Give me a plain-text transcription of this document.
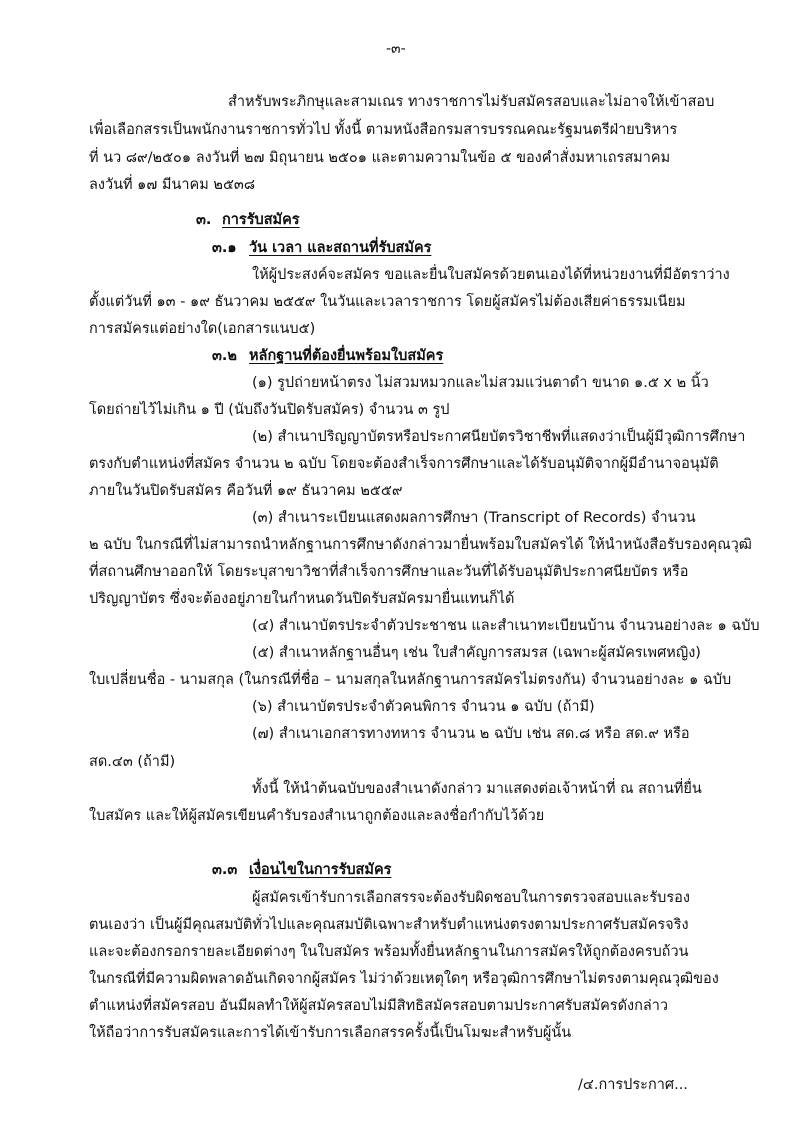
-๓-
สำหรับพระภิกษุและสามเณร ทางราชการไม่รับสมัครสอบและไม่อาจให้เข้าสอบ
เพื่อเลือกสรรเป็นพนักงานราชการทั่วไป ทั้งนี้ ตามหนังสือกรมสารบรรณคณะรัฐมนตรีฝ่ายบริหาร
ที่ นว ๘๙/๒๕๐๑ ลงวันที่ ๒๗ มิถุนายน ๒๕๐๑ และตามความในข้อ ๕ ของคำสั่งมหาเถรสมาคม
ลงวันที่ ๑๗ มีนาคม ๒๕๓๘
๓. การรับสมัคร
๓.๑ วัน เวลา และสถานที่รับสมัคร
ให้ผู้ประสงค์จะสมัคร ขอและยื่นใบสมัครด้วยตนเองได้ที่หน่วยงานที่มีอัตราว่าง
ตั้งแต่วันที่ ๑๓ - ๑๙ ธันวาคม ๒๕๕๙ ในวันและเวลาราชการ โดยผู้สมัครไม่ต้องเสียค่าธรรมเนียม
การสมัครแต่อย่างใด(เอกสารแนบ๕)
๓.๒ หลักฐานที่ต้องยื่นพร้อมใบสมัคร
(๑) รูปถ่ายหน้าตรง ไม่สวมหมวกและไม่สวมแว่นตาดำ ขนาด ๑.๕ x ๒ นิ้ว
โดยถ่ายไว้ไม่เกิน ๑ ปี (นับถึงวันปิดรับสมัคร) จำนวน ๓ รูป
(๒) สำเนาปริญญาบัตรหรือประกาศนียบัตรวิชาชีพที่แสดงว่าเป็นผู้มีวุฒิการศึกษา
ตรงกับตำแหน่งที่สมัคร จำนวน ๒ ฉบับ โดยจะต้องสำเร็จการศึกษาและได้รับอนุมัติจากผู้มีอำนาจอนุมัติ
ภายในวันปิดรับสมัคร คือวันที่ ๑๙ ธันวาคม ๒๕๕๙
(๓) สำเนาระเบียนแสดงผลการศึกษา (Transcript of Records) จำนวน
๒ ฉบับ ในกรณีที่ไม่สามารถนำหลักฐานการศึกษาดังกล่าวมายื่นพร้อมใบสมัครได้ ให้นำหนังสือรับรองคุณวุฒิ
ที่สถานศึกษาออกให้ โดยระบุสาขาวิชาที่สำเร็จการศึกษาและวันที่ได้รับอนุมัติประกาศนียบัตร หรือ
ปริญญาบัตร ซึ่งจะต้องอยู่ภายในกำหนดวันปิดรับสมัครมายื่นแทนก็ได้
(๔) สำเนาบัตรประจำตัวประชาชน และสำเนาทะเบียนบ้าน จำนวนอย่างละ ๑ ฉบับ
(๕) สำเนาหลักฐานอื่นๆ เช่น ใบสำคัญการสมรส (เฉพาะผู้สมัครเพศหญิง)
ใบเปลี่ยนชื่อ - นามสกุล (ในกรณีที่ชื่อ – นามสกุลในหลักฐานการสมัครไม่ตรงกัน) จำนวนอย่างละ ๑ ฉบับ
(๖) สำเนาบัตรประจำตัวคนพิการ จำนวน ๑ ฉบับ (ถ้ามี)
(๗) สำเนาเอกสารทางทหาร จำนวน ๒ ฉบับ เช่น สด.๘ หรือ สด.๙ หรือ
สด.๔๓ (ถ้ามี)
ทั้งนี้ ให้นำต้นฉบับของสำเนาดังกล่าว มาแสดงต่อเจ้าหน้าที่ ณ สถานที่ยื่น
ใบสมัคร และให้ผู้สมัครเขียนคำรับรองสำเนาถูกต้องและลงชื่อกำกับไว้ด้วย
๓.๓ เงื่อนไขในการรับสมัคร
ผู้สมัครเข้ารับการเลือกสรรจะต้องรับผิดชอบในการตรวจสอบและรับรอง
ตนเองว่า เป็นผู้มีคุณสมบัติทั่วไปและคุณสมบัติเฉพาะสำหรับตำแหน่งตรงตามประกาศรับสมัครจริง
และจะต้องกรอกรายละเอียดต่างๆ ในใบสมัคร พร้อมทั้งยื่นหลักฐานในการสมัครให้ถูกต้องครบถ้วน
ในกรณีที่มีความผิดพลาดอันเกิดจากผู้สมัคร ไม่ว่าด้วยเหตุใดๆ หรือวุฒิการศึกษาไม่ตรงตามคุณวุฒิของ
ตำแหน่งที่สมัครสอบ อันมีผลทำให้ผู้สมัครสอบไม่มีสิทธิสมัครสอบตามประกาศรับสมัครดังกล่าว
ให้ถือว่าการรับสมัครและการได้เข้ารับการเลือกสรรครั้งนี้เป็นโมฆะสำหรับผู้นั้น
/๔.การประกาศ...
